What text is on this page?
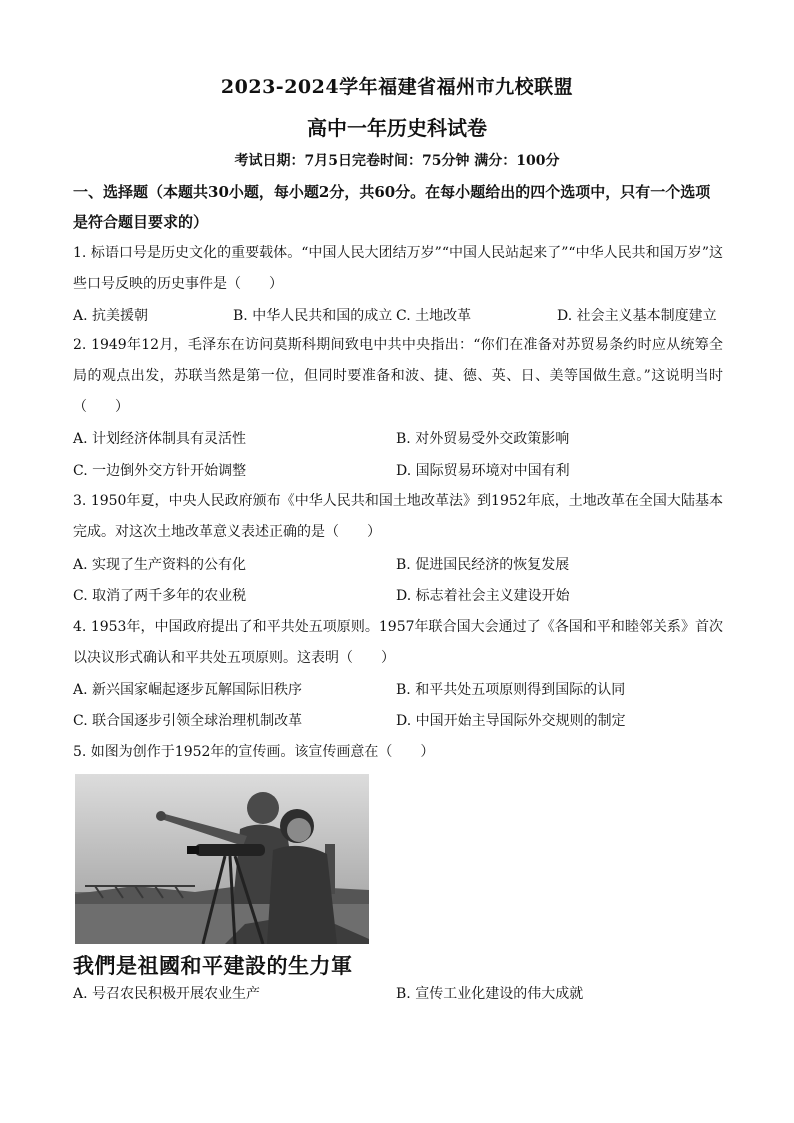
2023-2024学年福建省福州市九校联盟
高中一年历史科试卷
考试日期：7月5日完卷时间：75分钟 满分：100分
一、选择题（本题共30小题，每小题2分，共60分。在每小题给出的四个选项中，只有一个选项是符合题目要求的）
1. 标语口号是历史文化的重要载体。“中国人民大团结万岁”“中国人民站起来了”“中华人民共和国万岁”这些口号反映的历史事件是（　　）
A. 抗美援朝	B. 中华人民共和国的成立 C. 土地改革	D. 社会主义基本制度建立
2. 1949年12月，毛泽东在访问莫斯科期间致电中共中央指出：“你们在准备对苏贸易条约时应从统筹全局的观点出发，苏联当然是第一位，但同时要准备和波、捷、德、英、日、美等国做生意。”这说明当时（　　）
A. 计划经济体制具有灵活性	B. 对外贸易受外交政策影响
C. 一边倒外交方针开始调整	D. 国际贸易环境对中国有利
3. 1950年夏，中央人民政府颁布《中华人民共和国土地改革法》到1952年底，土地改革在全国大陆基本完成。对这次土地改革意义表述正确的是（　　）
A. 实现了生产资料的公有化	B. 促进国民经济的恢复发展
C. 取消了两千多年的农业税	D. 标志着社会主义建设开始
4. 1953年，中国政府提出了和平共处五项原则。1957年联合国大会通过了《各国和平和睦邻关系》首次以决议形式确认和平共处五项原则。这表明（　　）
A. 新兴国家崛起逐步瓦解国际旧秩序	B. 和平共处五项原则得到国际的认同
C. 联合国逐步引领全球治理机制改革	D. 中国开始主导国际外交规则的制定
5. 如图为创作于1952年的宣传画。该宣传画意在（　　）
我們是祖國和平建設的生力軍
A. 号召农民积极开展农业生产	B. 宣传工业化建设的伟大成就
